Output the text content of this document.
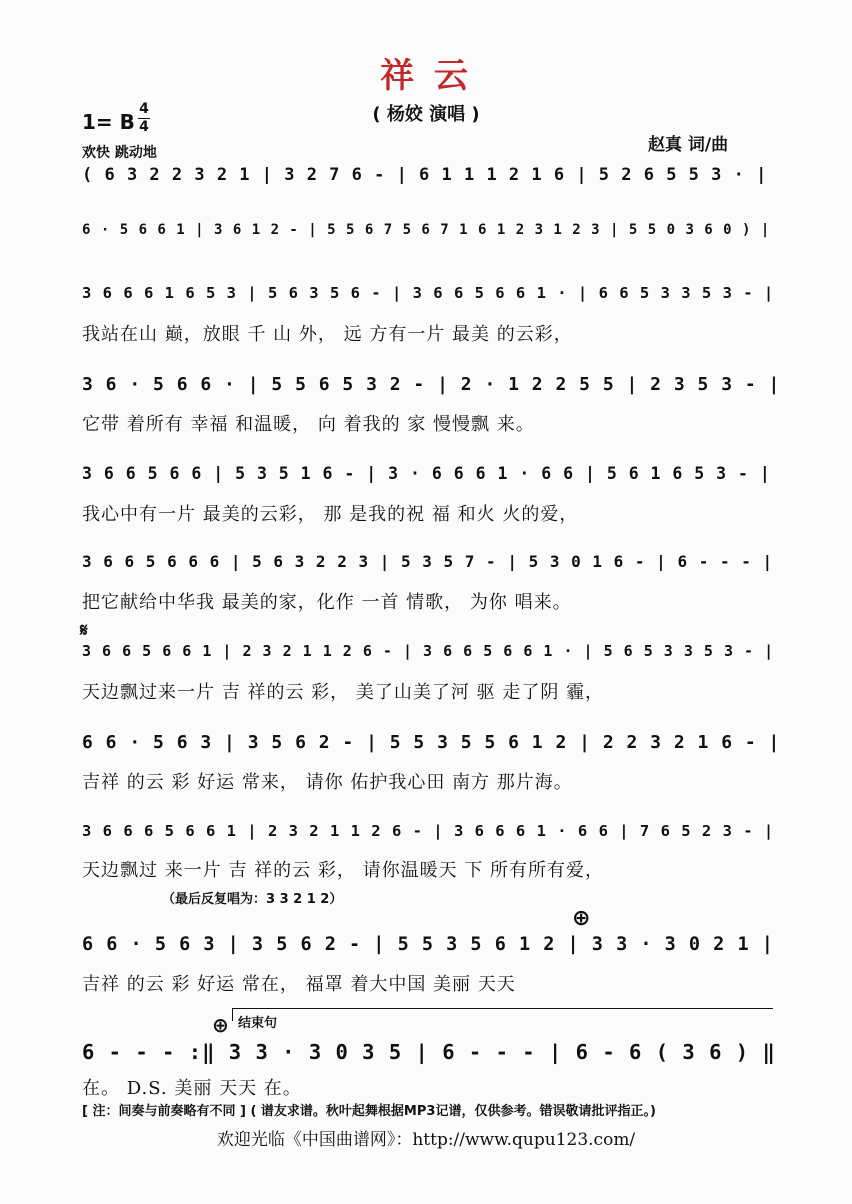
祥 云
( 杨姣 演唱 )
1= B
4
4
欢快 跳动地	赵真 词/曲
( 6 3 2 2 3 2 1 | 3 2 7 6 - | 6 1 1 1 2 1 6 | 5 2 6 5 5 3 · |
6 · 5 6 6 1 | 3 6 1 2 - | 5 5 6 7 5 6 7 1 6 1 2 3 1 2 3 | 5 5 0 3 6 0 ) |
3 6 6 6 1 6 5 3 | 5 6 3 5 6 - | 3 6 6 5 6 6 1 · | 6 6 5 3 3 5 3 - |
我站在山 巅，放眼 千 山 外， 远 方有一片 最美 的云彩，
3 6 · 5 6 6 · | 5 5 6 5 3 2 - | 2 · 1 2 2 5 5 | 2 3 5 3 - |
它带 着所有 幸福 和温暖， 向 着我的 家 慢慢飘 来。
3 6 6 5 6 6 | 5 3 5 1 6 - | 3 · 6 6 6 1 · 6 6 | 5 6 1 6 5 3 - |
我心中有一片 最美的云彩， 那 是我的祝 福 和火 火的爱，
3 6 6 5 6 6 6 | 5 6 3 2 2 3 | 5 3 5 7 - | 5 3 0 1 6 - | 6 - - - |
把它献给中华我 最美的家，化作 一首 情歌， 为你 唱来。
𝄋
3 6 6 5 6 6 1 | 2 3 2 1 1 2 6 - | 3 6 6 5 6 6 1 · | 5 6 5 3 3 5 3 - |
天边飘过来一片 吉 祥的云 彩， 美了山美了河 驱 走了阴 霾，
6 6 · 5 6 3 | 3 5 6 2 - | 5 5 3 5 5 6 1 2 | 2 2 3 2 1 6 - |
吉祥 的云 彩 好运 常来， 请你 佑护我心田 南方 那片海。
3 6 6 6 5 6 6 1 | 2 3 2 1 1 2 6 - | 3 6 6 6 1 · 6 6 | 7 6 5 2 3 - |
天边飘过 来一片 吉 祥的云 彩， 请你温暖天 下 所有所有爱，
（最后反复唱为：3 3 2 1 2）
⊕
6 6 · 5 6 3 | 3 5 6 2 - | 5 5 3 5 6 1 2 | 3 3 · 3 0 2 1 |
吉祥 的云 彩 好运 常在， 福罩 着大中国 美丽 天天
⊕ 结束句
6 - - - :‖ 3 3 · 3 0 3 5 | 6 - - - | 6 - 6 ( 3 6 ) ‖
在。 D.S. 美丽 天天 在。
[ 注：间奏与前奏略有不同 ] ( 谱友求谱。秋叶起舞根据MP3记谱，仅供参考。错误敬请批评指正。)
欢迎光临《中国曲谱网》：http://www.qupu123.com/
